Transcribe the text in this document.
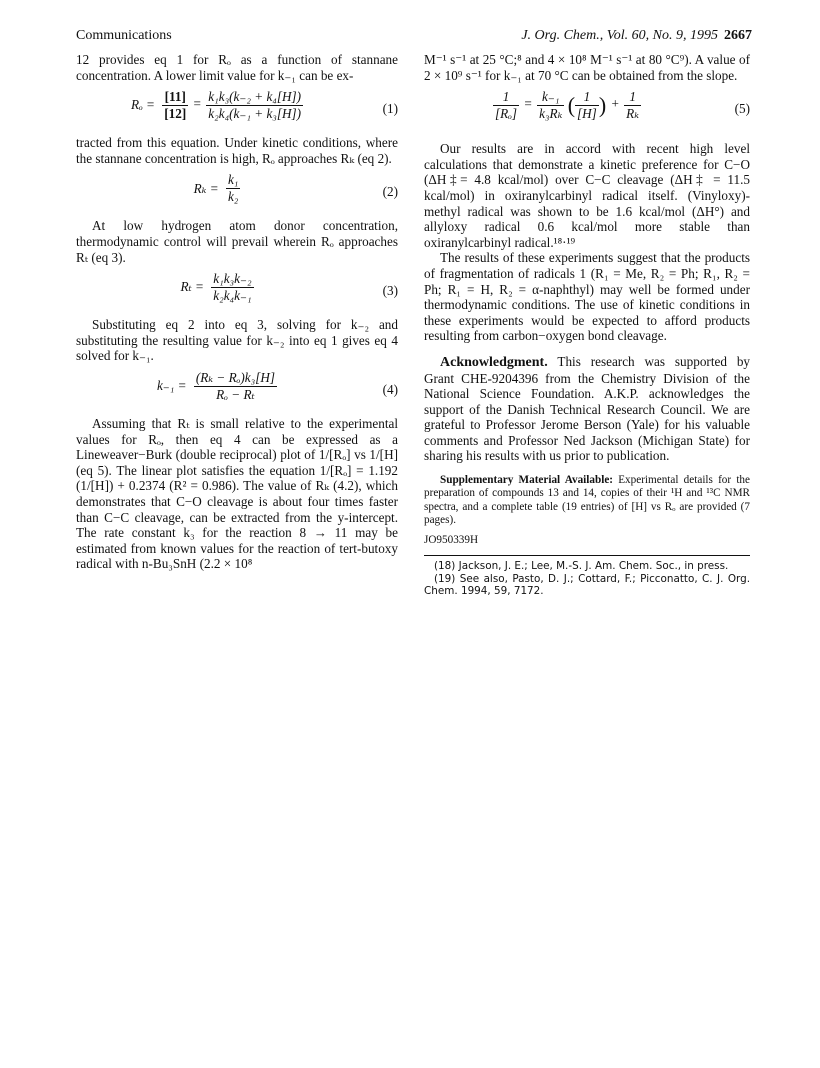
Communications	J. Org. Chem., Vol. 60, No. 9, 1995 2667

12 provides eq 1 for Rₒ as a function of stannane concentration. A lower limit value for k₋₁ can be ex-

$R_o = \frac{[11]}{[12]} = \frac{\text{k₁k₃(k₋₂ + k₄[H])}}{\text{k₂k₄(k₋₁ + k₃[H])}}$	(1)

tracted from this equation. Under kinetic conditions, where the stannane concentration is high, Rₒ approaches Rₖ (eq 2).

$R_k = \frac{\text{k₁}}{\text{k₂}}$	(2)

At low hydrogen atom donor concentration, thermodynamic control will prevail wherein Rₒ approaches Rₜ (eq 3).

$R_t = \frac{\text{k₁k₃k₋₂}}{\text{k₂k₄k₋₁}}$	(3)

Substituting eq 2 into eq 3, solving for k₋₂ and substituting the resulting value for k₋₂ into eq 1 gives eq 4 solved for k₋₁.

$k_{-1} = \frac{\text{(Rₖ − Rₒ)k₃[H]}}{\text{Rₒ − Rₜ}}$	(4)

Assuming that Rₜ is small relative to the experimental values for Rₒ, then eq 4 can be expressed as a Lineweaver−Burk (double reciprocal) plot of 1/[Rₒ] vs 1/[H] (eq 5). The linear plot satisfies the equation 1/[Rₒ] = 1.192 (1/[H]) + 0.2374 (R² = 0.986). The value of Rₖ (4.2), which demonstrates that C−O cleavage is about four times faster than C−C cleavage, can be extracted from the y-intercept. The rate constant k₃ for the reaction 8 → 11 may be estimated from known values for the reaction of tert-butoxy radical with n-Bu₃SnH (2.2 × 10⁸

M⁻¹ s⁻¹ at 25 °C;⁸ and 4 × 10⁸ M⁻¹ s⁻¹ at 80 °C⁹). A value of 2 × 10⁹ s⁻¹ for k₋₁ at 70 °C can be obtained from the slope.

$\frac{1}{\text{[Rₒ]}} = \frac{\text{k₋₁}}{\text{k₃Rₖ}}$ ( $\frac{1}{[H]}$ ) + $\frac{1}{\text{Rₖ}}$	(5)

Our results are in accord with recent high level calculations that demonstrate a kinetic preference for C−O (ΔH‡= 4.8 kcal/mol) over C−C cleavage (ΔH‡ = 11.5 kcal/mol) in oxiranylcarbinyl radical itself. (Vinyloxy)-methyl radical was shown to be 1.6 kcal/mol (ΔH°) and allyloxy radical 0.6 kcal/mol more stable than oxiranylcarbinyl radical.¹⁸·¹⁹

The results of these experiments suggest that the products of fragmentation of radicals 1 (R₁ = Me, R₂ = Ph; R₁, R₂ = Ph; R₁ = H, R₂ = α-naphthyl) may well be formed under thermodynamic conditions. The use of kinetic conditions in these experiments would be expected to afford products resulting from carbon−oxygen bond cleavage.

Acknowledgment. This research was supported by Grant CHE-9204396 from the Chemistry Division of the National Science Foundation. A.K.P. acknowledges the support of the Danish Technical Research Council. We are grateful to Professor Jerome Berson (Yale) for his valuable comments and Professor Ned Jackson (Michigan State) for sharing his results with us prior to publication.

Supplementary Material Available: Experimental details for the preparation of compounds 13 and 14, copies of their ¹H and ¹³C NMR spectra, and a complete table (19 entries) of [H] vs Rₒ are provided (7 pages).

JO950339H

(18) Jackson, J. E.; Lee, M.-S. J. Am. Chem. Soc., in press.

(19) See also, Pasto, D. J.; Cottard, F.; Picconatto, C. J. Org. Chem. 1994, 59, 7172.
